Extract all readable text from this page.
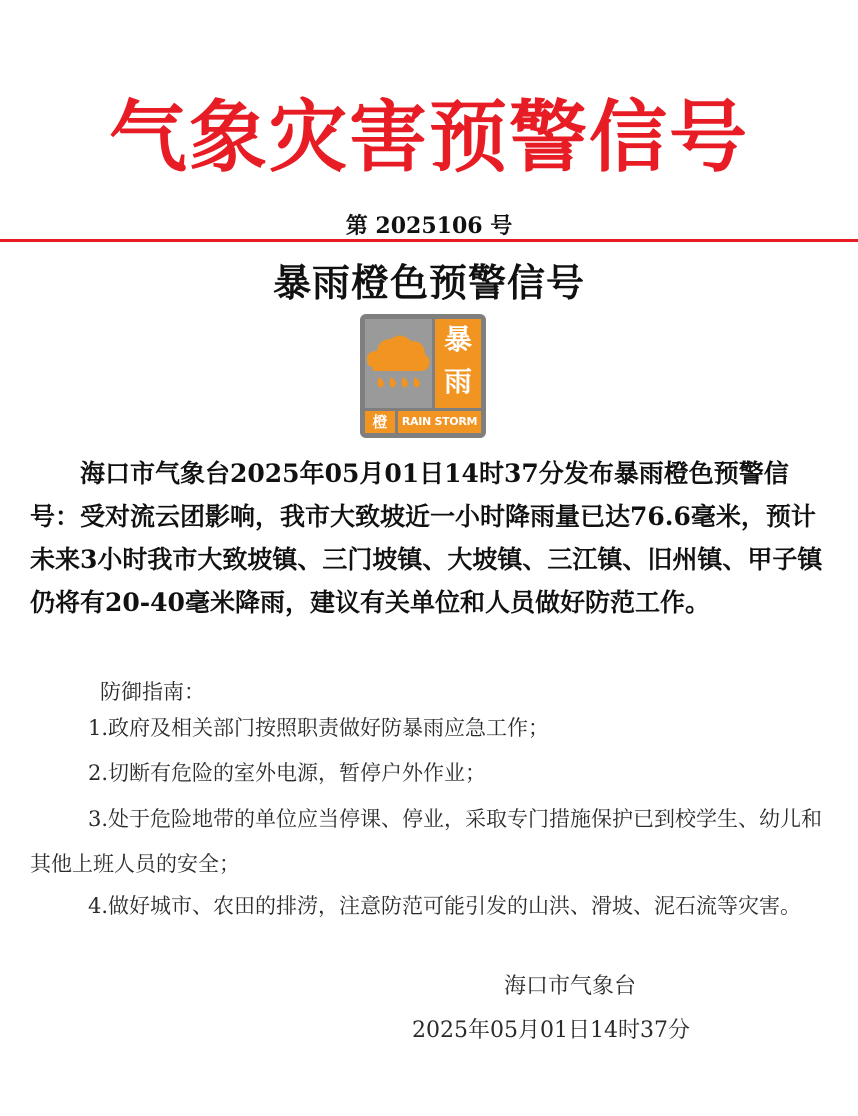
气象灾害预警信号
第 2025106 号
暴雨橙色预警信号
暴
雨
橙	RAIN STORM
海口市气象台2025年05月01日14时37分发布暴雨橙色预警信号：受对流云团影响，我市大致坡近一小时降雨量已达76.6毫米，预计未来3小时我市大致坡镇、三门坡镇、大坡镇、三江镇、旧州镇、甲子镇仍将有20-40毫米降雨，建议有关单位和人员做好防范工作。
防御指南：
1.政府及相关部门按照职责做好防暴雨应急工作；
2.切断有危险的室外电源，暂停户外作业；
3.处于危险地带的单位应当停课、停业，采取专门措施保护已到校学生、幼儿和其他上班人员的安全；
4.做好城市、农田的排涝，注意防范可能引发的山洪、滑坡、泥石流等灾害。
海口市气象台
2025年05月01日14时37分
